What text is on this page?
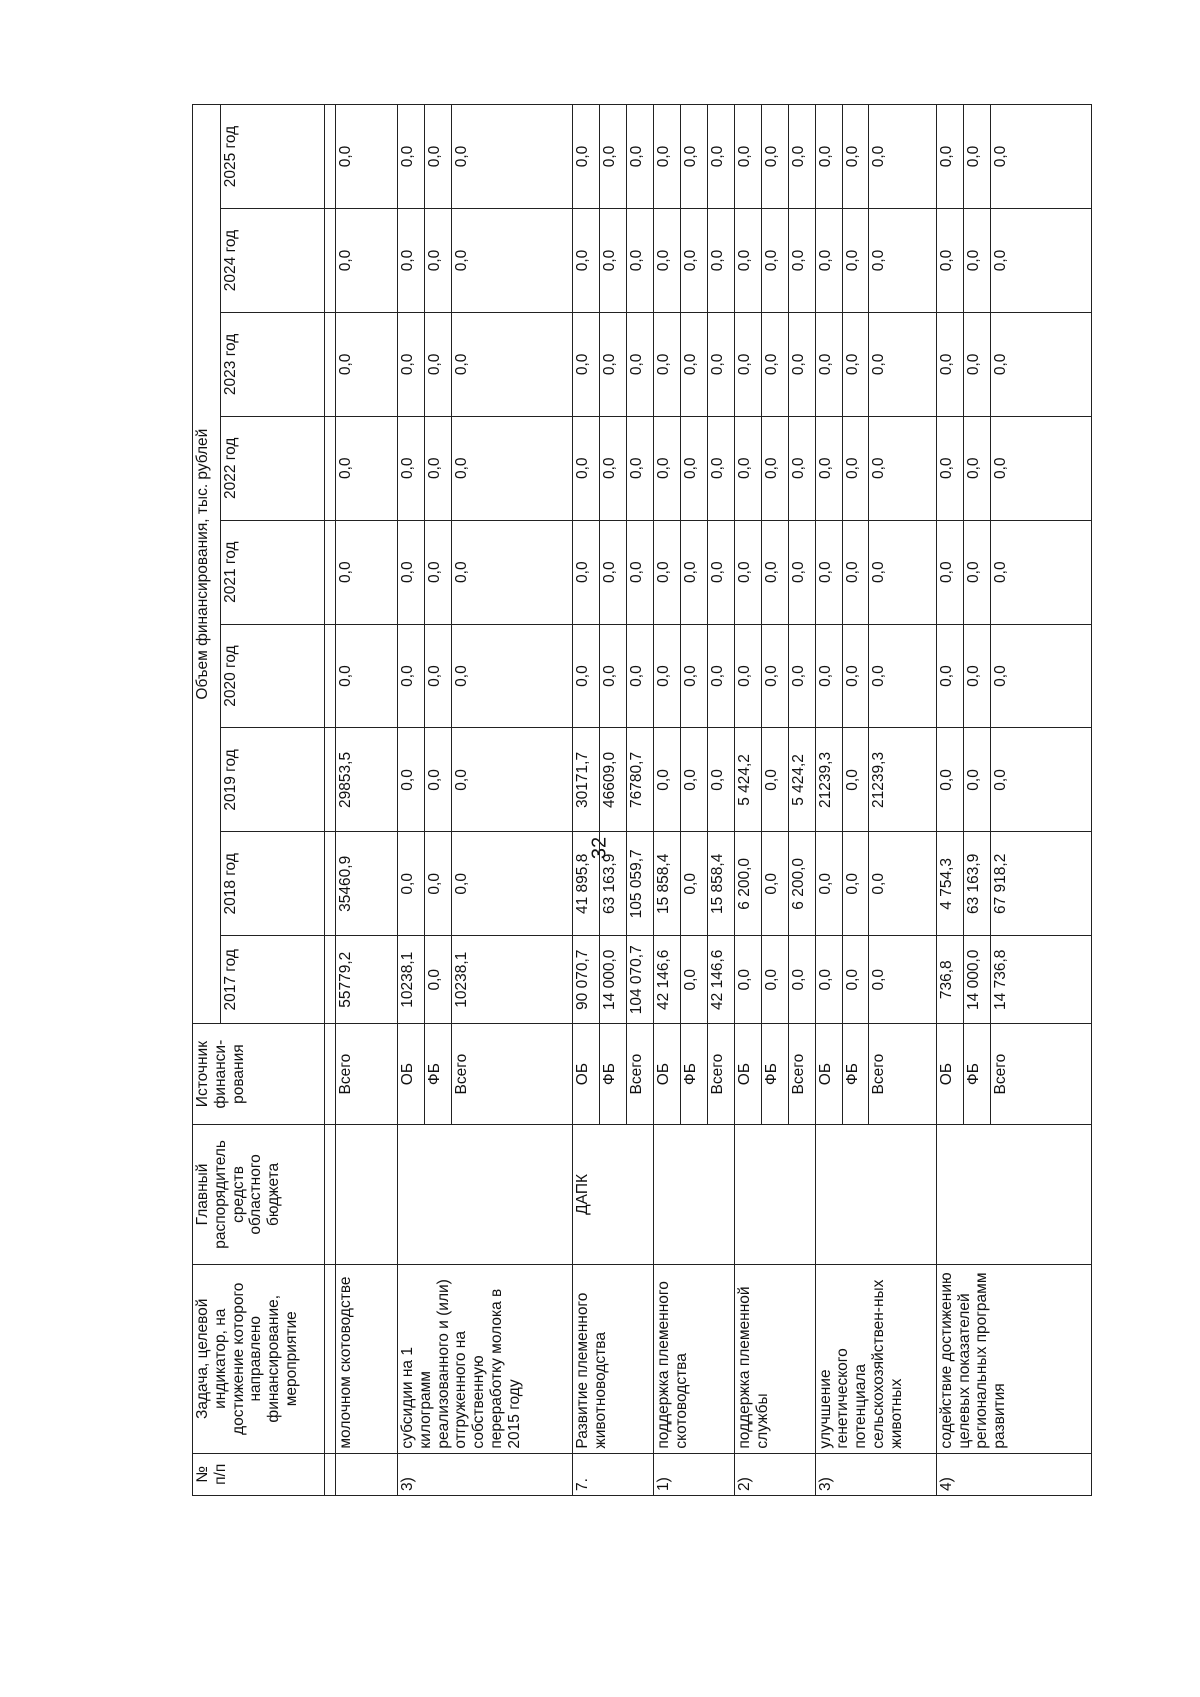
32
№ п/п	Задача, целевой индикатор, на достижение которого направлено финансирование, мероприятие	Главный распорядитель средств областного бюджета	Источник финанси-рования	Объем финансирования, тыс. рублей								
				2017 год	2018 год	2019 год	2020 год	2021 год	2022 год	2023 год	2024 год	2025 год

	молочном скотоводстве		Всего	55779,2	35460,9	29853,5	0,0	0,0	0,0	0,0	0,0	0,0
3)	субсидии на 1 килограмм реализованного и (или) отгруженного на собственную переработку молока в 2015 году		ОБ	10238,1	0,0	0,0	0,0	0,0	0,0	0,0	0,0	0,0
			ФБ	0,0	0,0	0,0	0,0	0,0	0,0	0,0	0,0	0,0
			Всего	10238,1	0,0	0,0	0,0	0,0	0,0	0,0	0,0	0,0
7.	Развитие племенного животноводства	ДАПК	ОБ	90 070,7	41 895,8	30171,7	0,0	0,0	0,0	0,0	0,0	0,0
			ФБ	14 000,0	63 163,9	46609,0	0,0	0,0	0,0	0,0	0,0	0,0
			Всего	104 070,7	105 059,7	76780,7	0,0	0,0	0,0	0,0	0,0	0,0
1)	поддержка племенного скотоводства		ОБ	42 146,6	15 858,4	0,0	0,0	0,0	0,0	0,0	0,0	0,0
			ФБ	0,0	0,0	0,0	0,0	0,0	0,0	0,0	0,0	0,0
			Всего	42 146,6	15 858,4	0,0	0,0	0,0	0,0	0,0	0,0	0,0
2)	поддержка племенной службы		ОБ	0,0	6 200,0	5 424,2	0,0	0,0	0,0	0,0	0,0	0,0
			ФБ	0,0	0,0	0,0	0,0	0,0	0,0	0,0	0,0	0,0
			Всего	0,0	6 200,0	5 424,2	0,0	0,0	0,0	0,0	0,0	0,0
3)	улучшение генетического потенциала сельскохозяйствен-ных животных		ОБ	0,0	0,0	21239,3	0,0	0,0	0,0	0,0	0,0	0,0
			ФБ	0,0	0,0	0,0	0,0	0,0	0,0	0,0	0,0	0,0
			Всего	0,0	0,0	21239,3	0,0	0,0	0,0	0,0	0,0	0,0
4)	содействие достижению целевых показателей региональных программ развития		ОБ	736,8	4 754,3	0,0	0,0	0,0	0,0	0,0	0,0	0,0
			ФБ	14 000,0	63 163,9	0,0	0,0	0,0	0,0	0,0	0,0	0,0
			Всего	14 736,8	67 918,2	0,0	0,0	0,0	0,0	0,0	0,0	0,0
